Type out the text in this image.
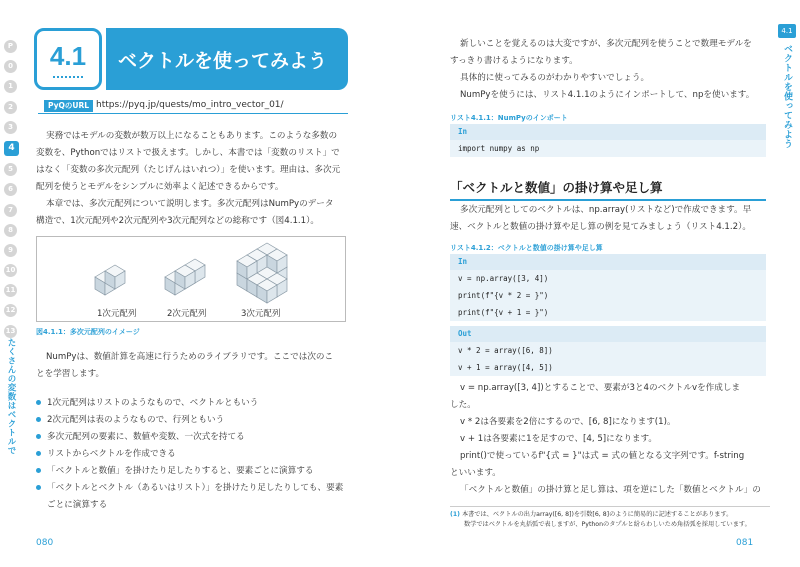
P
0
1
2
3
4
5
6
7
8
9
10
11
12
13
たくさんの変数はベクトルで
4.1
ベクトルを使ってみよう
4.1	ベクトルを使ってみよう
PyQのURL https://pyq.jp/quests/mo_intro_vector_01/
実務ではモデルの変数が数万以上になることもあります。このような多数の
変数を、Pythonではリストで扱えます。しかし、本書では「変数のリスト」で
はなく「変数の多次元配列（たじげんはいれつ）」を使います。理由は、多次元
配列を使うとモデルをシンプルに効率よく記述できるからです。
本章では、多次元配列について説明します。多次元配列はNumPyのデータ
構造で、1次元配列や2次元配列や3次元配列などの総称です（図4.1.1）。
1次元配列	2次元配列	3次元配列
図4.1.1：多次元配列のイメージ
NumPyは、数値計算を高速に行うためのライブラリです。ここでは次のこ
とを学習します。
1次元配列はリストのようなもので、ベクトルともいう
2次元配列は表のようなもので、行列ともいう
多次元配列の要素に、数値や変数、一次式を持てる
リストからベクトルを作成できる
「ベクトルと数値」を掛けたり足したりすると、要素ごとに演算する
「ベクトルとベクトル（あるいはリスト）」を掛けたり足したりしても、要素
ごとに演算する
080
新しいことを覚えるのは大変ですが、多次元配列を使うことで数理モデルを
すっきり書けるようになります。
具体的に使ってみるのがわかりやすいでしょう。
NumPyを使うには、リスト4.1.1のようにインポートして、npを使います。
リスト4.1.1：NumPyのインポート
In
import numpy as np
「ベクトルと数値」の掛け算や足し算
多次元配列としてのベクトルは、np.array(リストなど)で作成できます。早
速、ベクトルと数値の掛け算や足し算の例を見てみましょう（リスト4.1.2）。
リスト4.1.2：ベクトルと数値の掛け算や足し算
In
v = np.array([3, 4])
print(f"{v * 2 = }")
print(f"{v + 1 = }")
Out
v * 2 = array([6, 8])
v + 1 = array([4, 5])
v = np.array([3, 4])とすることで、要素が3と4のベクトルvを作成しま
した。
v * 2は各要素を2倍にするので、[6, 8]になります(1)。
v + 1は各要素に1を足すので、[4, 5]になります。
print()で使っているf"{式 = }"は式 = 式の値となる文字列です。f-string
といいます。
「ベクトルと数値」の掛け算と足し算は、項を逆にした「数値とベクトル」の
(1) 本書では、ベクトルの出力array([6, 8])を引数[6, 8]のように簡易的に記述することがあります。
数学ではベクトルを丸括弧で表しますが、Pythonのタプルと紛らわしいため角括弧を採用しています。
081
